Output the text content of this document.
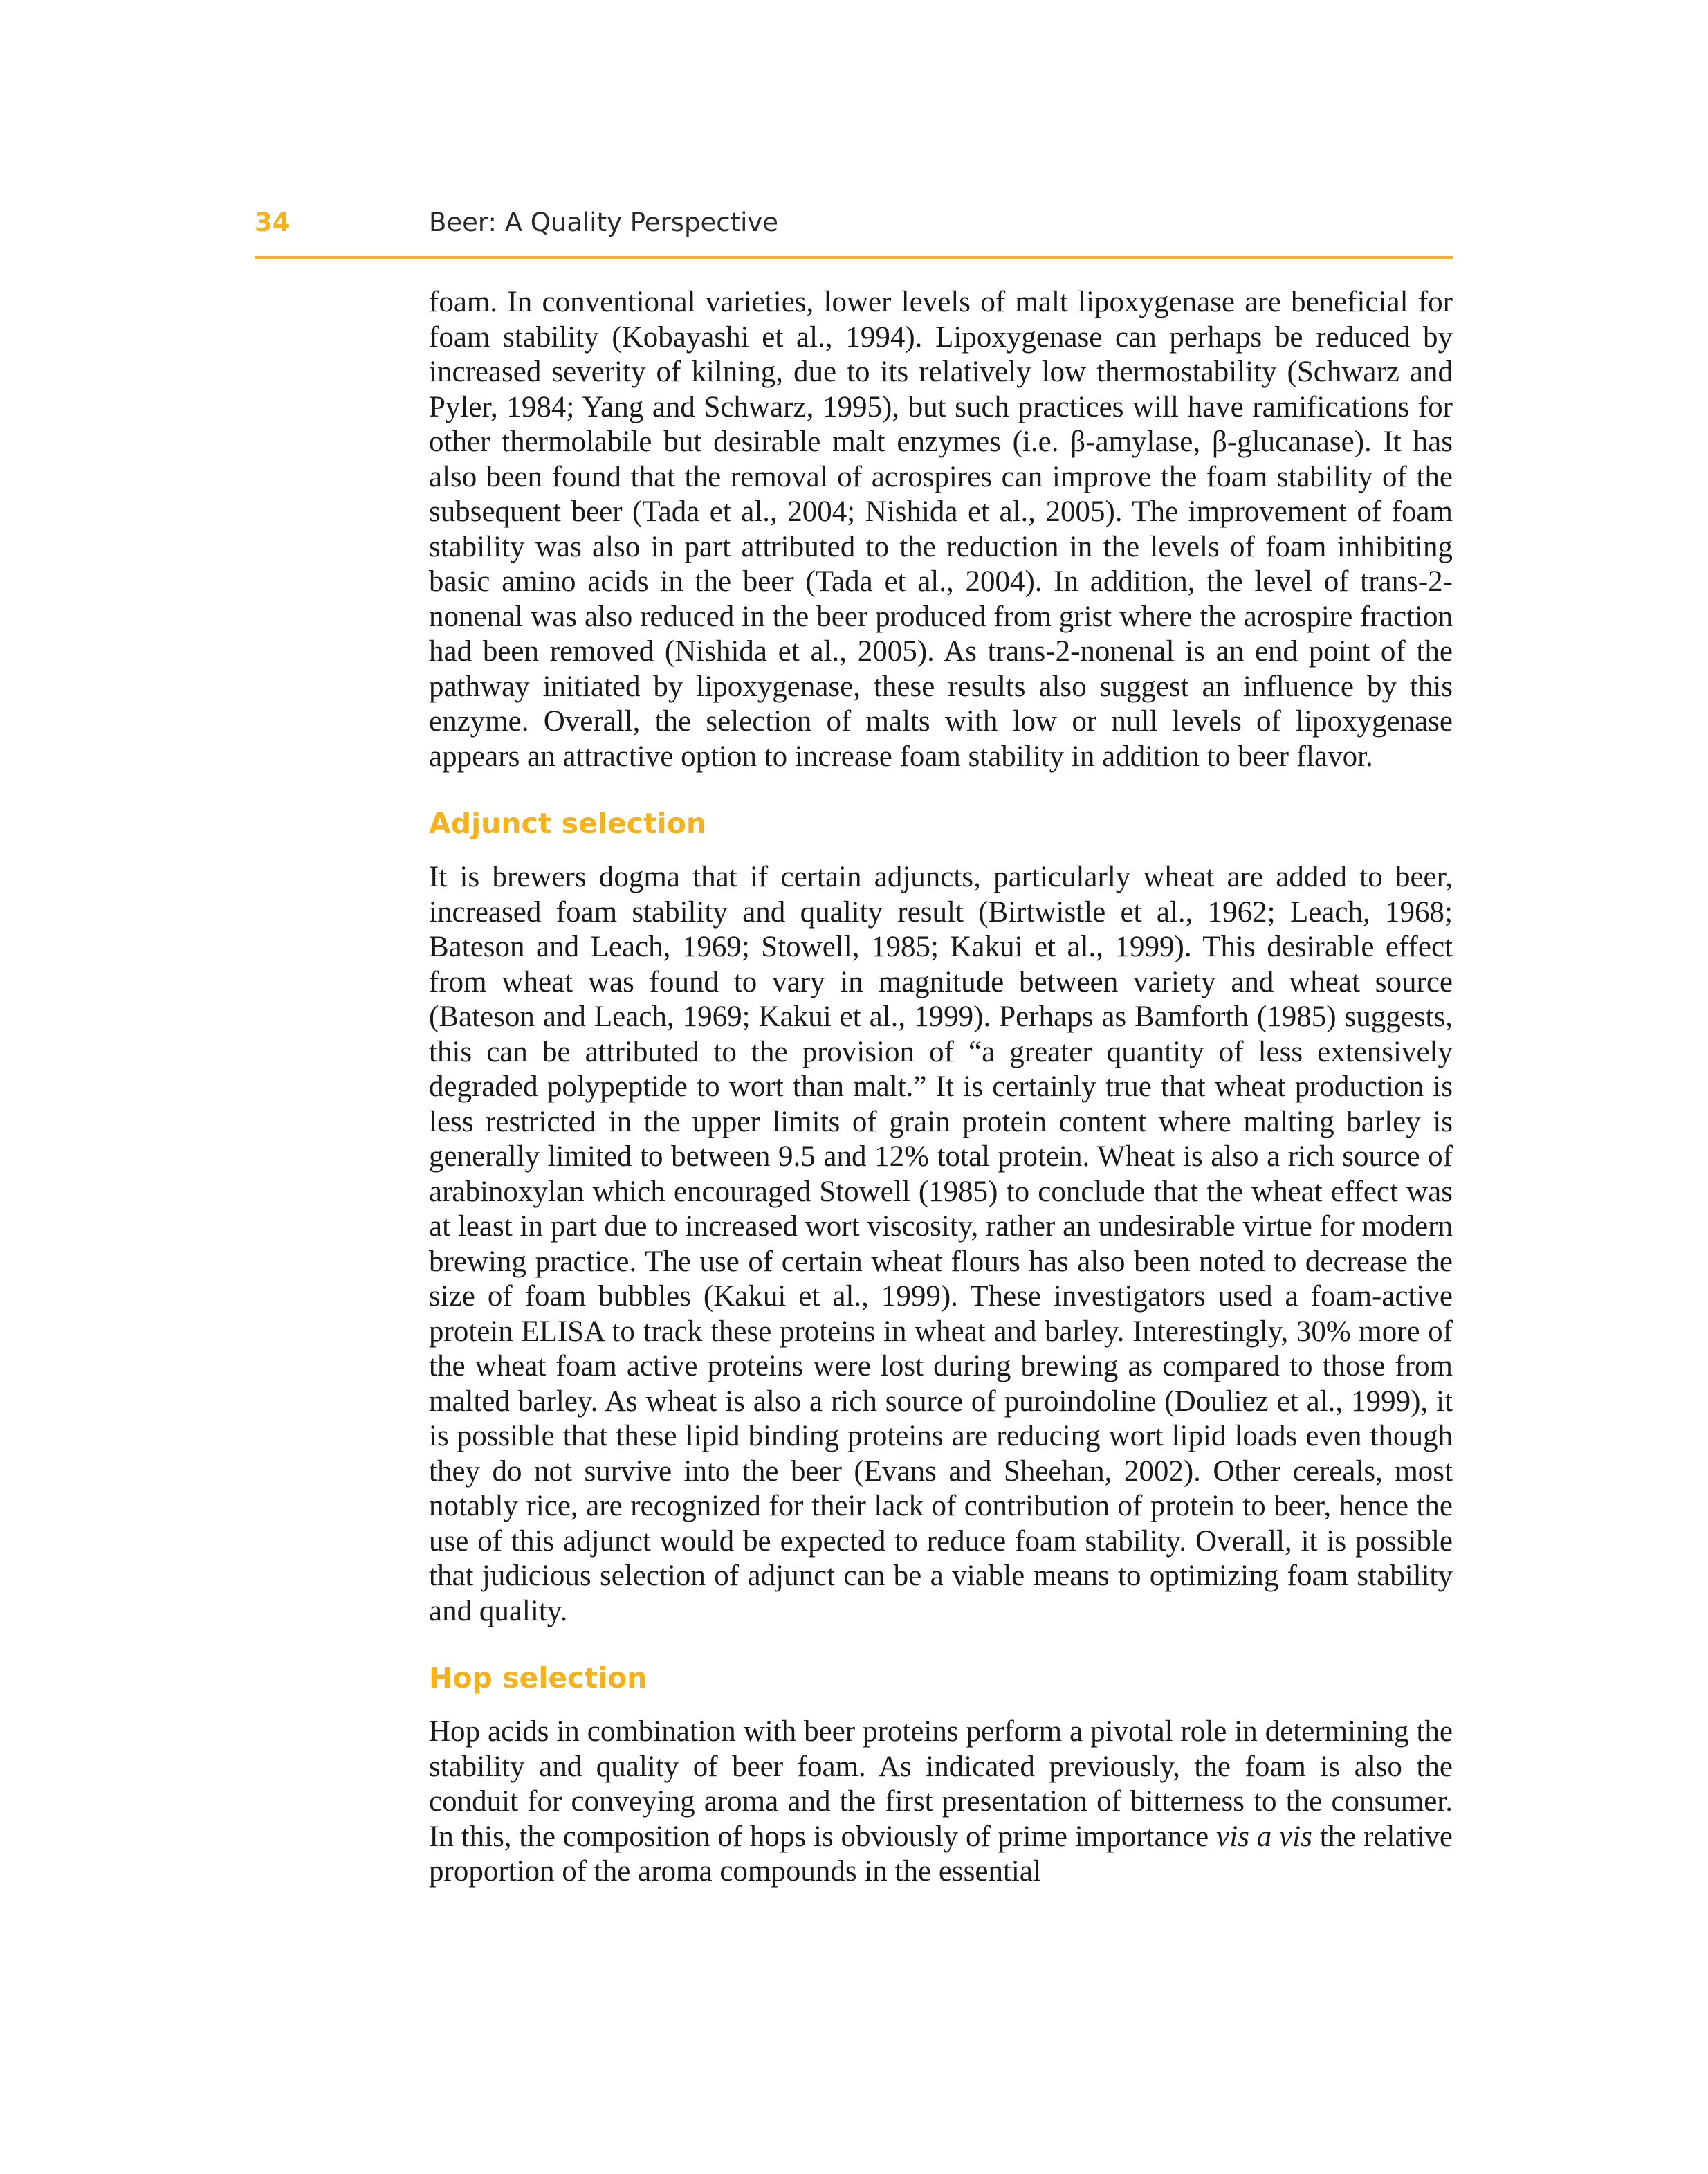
34	Beer: A Quality Perspective

foam. In conventional varieties, lower levels of malt lipoxygenase are beneficial for foam stability (Kobayashi et al., 1994). Lipoxygenase can perhaps be reduced by increased severity of kilning, due to its relatively low thermostability (Schwarz and Pyler, 1984; Yang and Schwarz, 1995), but such practices will have ramifications for other thermolabile but desirable malt enzymes (i.e. β-amylase, β-glucanase). It has also been found that the removal of acrospires can improve the foam stability of the subsequent beer (Tada et al., 2004; Nishida et al., 2005). The improvement of foam stability was also in part attributed to the reduction in the levels of foam inhibiting basic amino acids in the beer (Tada et al., 2004). In addition, the level of trans-2-nonenal was also reduced in the beer produced from grist where the acrospire fraction had been removed (Nishida et al., 2005). As trans-2-nonenal is an end point of the pathway initiated by lipoxygenase, these results also suggest an influence by this enzyme. Overall, the selection of malts with low or null levels of lipoxygenase appears an attractive option to increase foam stability in addition to beer flavor.

Adjunct selection

It is brewers dogma that if certain adjuncts, particularly wheat are added to beer, increased foam stability and quality result (Birtwistle et al., 1962; Leach, 1968; Bateson and Leach, 1969; Stowell, 1985; Kakui et al., 1999). This desirable effect from wheat was found to vary in magnitude between variety and wheat source (Bateson and Leach, 1969; Kakui et al., 1999). Perhaps as Bamforth (1985) suggests, this can be attributed to the provision of “a greater quantity of less extensively degraded polypeptide to wort than malt.” It is certainly true that wheat production is less restricted in the upper limits of grain protein content where malting barley is generally limited to between 9.5 and 12% total protein. Wheat is also a rich source of arabinoxylan which encouraged Stowell (1985) to conclude that the wheat effect was at least in part due to increased wort viscosity, rather an undesirable virtue for modern brewing practice. The use of certain wheat flours has also been noted to decrease the size of foam bubbles (Kakui et al., 1999). These investigators used a foam-active protein ELISA to track these proteins in wheat and barley. Interestingly, 30% more of the wheat foam active proteins were lost during brewing as compared to those from malted barley. As wheat is also a rich source of puroindoline (Douliez et al., 1999), it is possible that these lipid binding proteins are reducing wort lipid loads even though they do not survive into the beer (Evans and Sheehan, 2002). Other cereals, most notably rice, are recognized for their lack of contribution of protein to beer, hence the use of this adjunct would be expected to reduce foam stability. Overall, it is possible that judicious selection of adjunct can be a viable means to optimizing foam stability and quality.

Hop selection

Hop acids in combination with beer proteins perform a pivotal role in determining the stability and quality of beer foam. As indicated previously, the foam is also the conduit for conveying aroma and the first presentation of bitterness to the consumer. In this, the composition of hops is obviously of prime importance vis a vis the relative proportion of the aroma compounds in the essential
